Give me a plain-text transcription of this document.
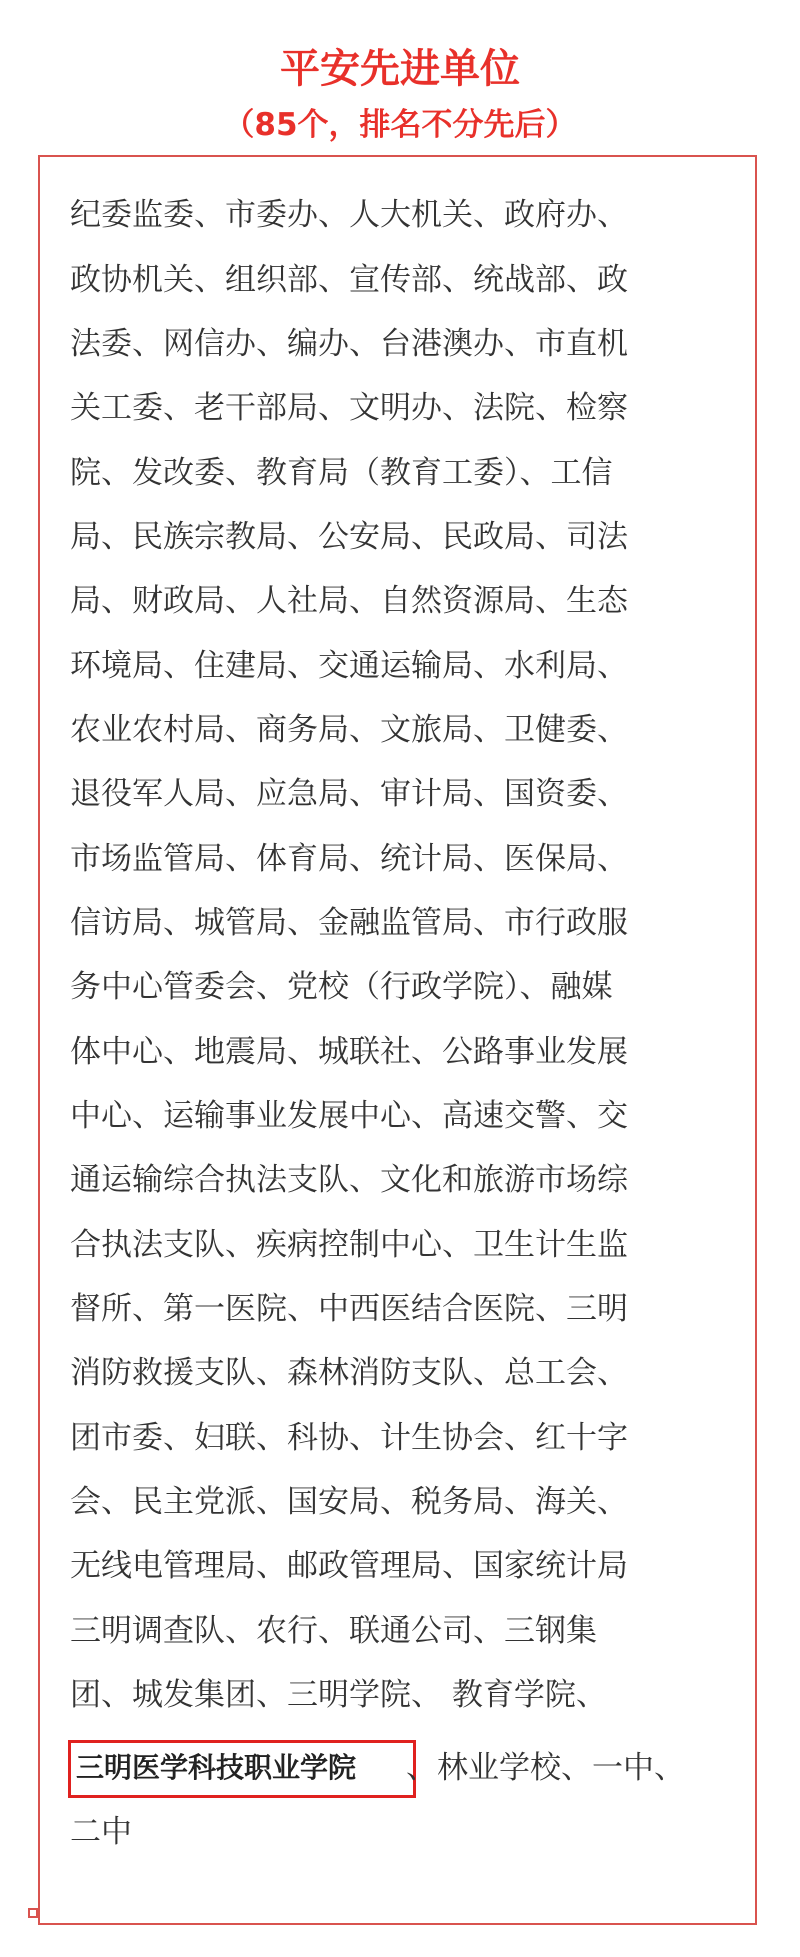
平安先进单位

（85个，排名不分先后）

纪委监委、市委办、人大机关、政府办、
政协机关、组织部、宣传部、统战部、政
法委、网信办、编办、台港澳办、市直机
关工委、老干部局、文明办、法院、检察
院、发改委、教育局（教育工委）、工信
局、民族宗教局、公安局、民政局、司法
局、财政局、人社局、自然资源局、生态
环境局、住建局、交通运输局、水利局、
农业农村局、商务局、文旅局、卫健委、
退役军人局、应急局、审计局、国资委、
市场监管局、体育局、统计局、医保局、
信访局、城管局、金融监管局、市行政服
务中心管委会、党校（行政学院）、融媒
体中心、地震局、城联社、公路事业发展
中心、运输事业发展中心、高速交警、交
通运输综合执法支队、文化和旅游市场综
合执法支队、疾病控制中心、卫生计生监
督所、第一医院、中西医结合医院、三明
消防救援支队、森林消防支队、总工会、
团市委、妇联、科协、计生协会、红十字
会、民主党派、国安局、税务局、海关、
无线电管理局、邮政管理局、国家统计局
三明调查队、农行、联通公司、三钢集
团、城发集团、三明学院、 教育学院、
三明医学科技职业学院 、林业学校、一中、
二中
